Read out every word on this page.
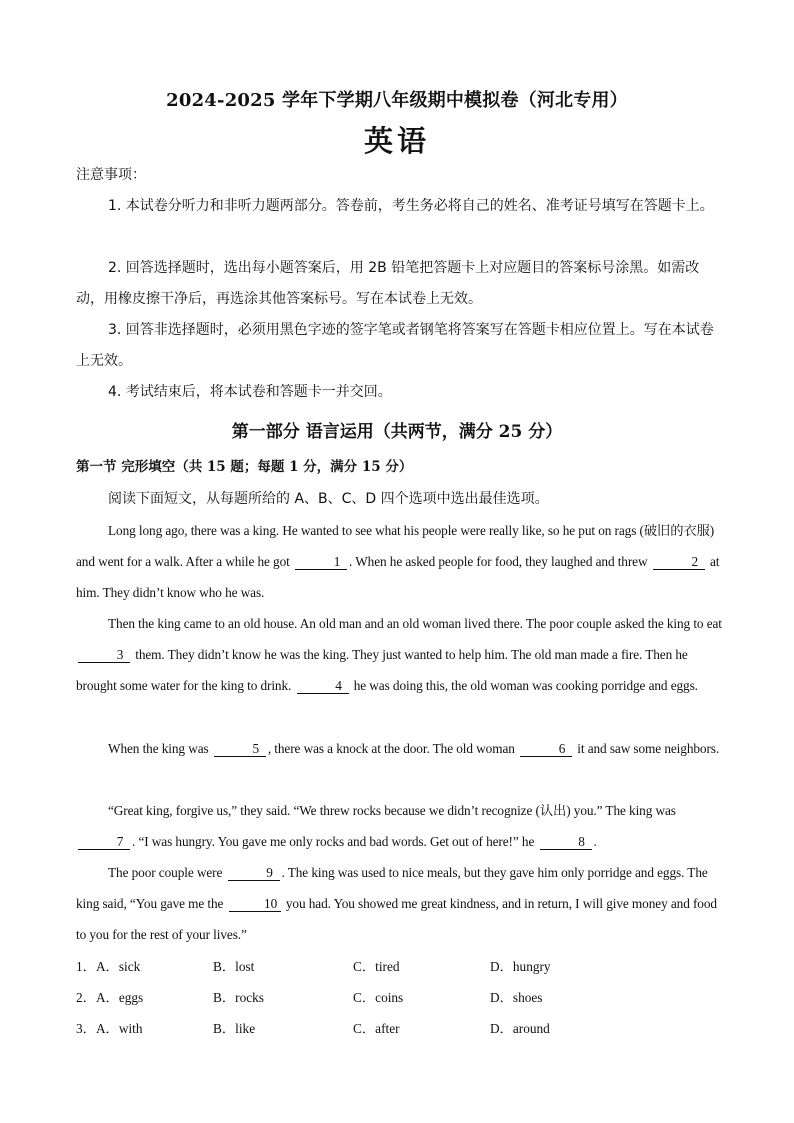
2024-2025 学年下学期八年级期中模拟卷（河北专用）
英语
注意事项：
1. 本试卷分听力和非听力题两部分。答卷前，考生务必将自己的姓名、准考证号填写在答题卡上。
2. 回答选择题时，选出每小题答案后，用 2B 铅笔把答题卡上对应题目的答案标号涂黑。如需改动，用橡皮擦干净后，再选涂其他答案标号。写在本试卷上无效。
3. 回答非选择题时，必须用黑色字迹的签字笔或者钢笔将答案写在答题卡相应位置上。写在本试卷上无效。
4. 考试结束后，将本试卷和答题卡一并交回。
第一部分 语言运用（共两节，满分 25 分）
第一节 完形填空（共 15 题；每题 1 分，满分 15 分）
阅读下面短文，从每题所给的 A、B、C、D 四个选项中选出最佳选项。
Long long ago, there was a king. He wanted to see what his people were really like, so he put on rags (破旧的衣服) and went for a walk. After a while he got	1 . When he asked people for food, they laughed and threw	2 at him. They didn’t know who he was.
Then the king came to an old house. An old man and an old woman lived there. The poor couple asked the king to eat 3 them. They didn’t know he was the king. They just wanted to help him. The old man made a fire. Then he brought some water for the king to drink.	4 he was doing this, the old woman was cooking porridge and eggs.
When the king was	5 , there was a knock at the door. The old woman	6 it and saw some neighbors.
“Great king, forgive us,” they said. “We threw rocks because we didn’t recognize (认出) you.” The king was 7 . “I was hungry. You gave me only rocks and bad words. Get out of here!” he	8 .
The poor couple were	9 . The king was used to nice meals, but they gave him only porridge and eggs. The king said, “You gave me the	10 you had. You showed me great kindness, and in return, I will give money and food to you for the rest of your lives.”
1．A．sick	B．lost	C．tired	D．hungry
2．A．eggs	B．rocks	C．coins	D．shoes
3．A．with	B．like	C．after	D．around
